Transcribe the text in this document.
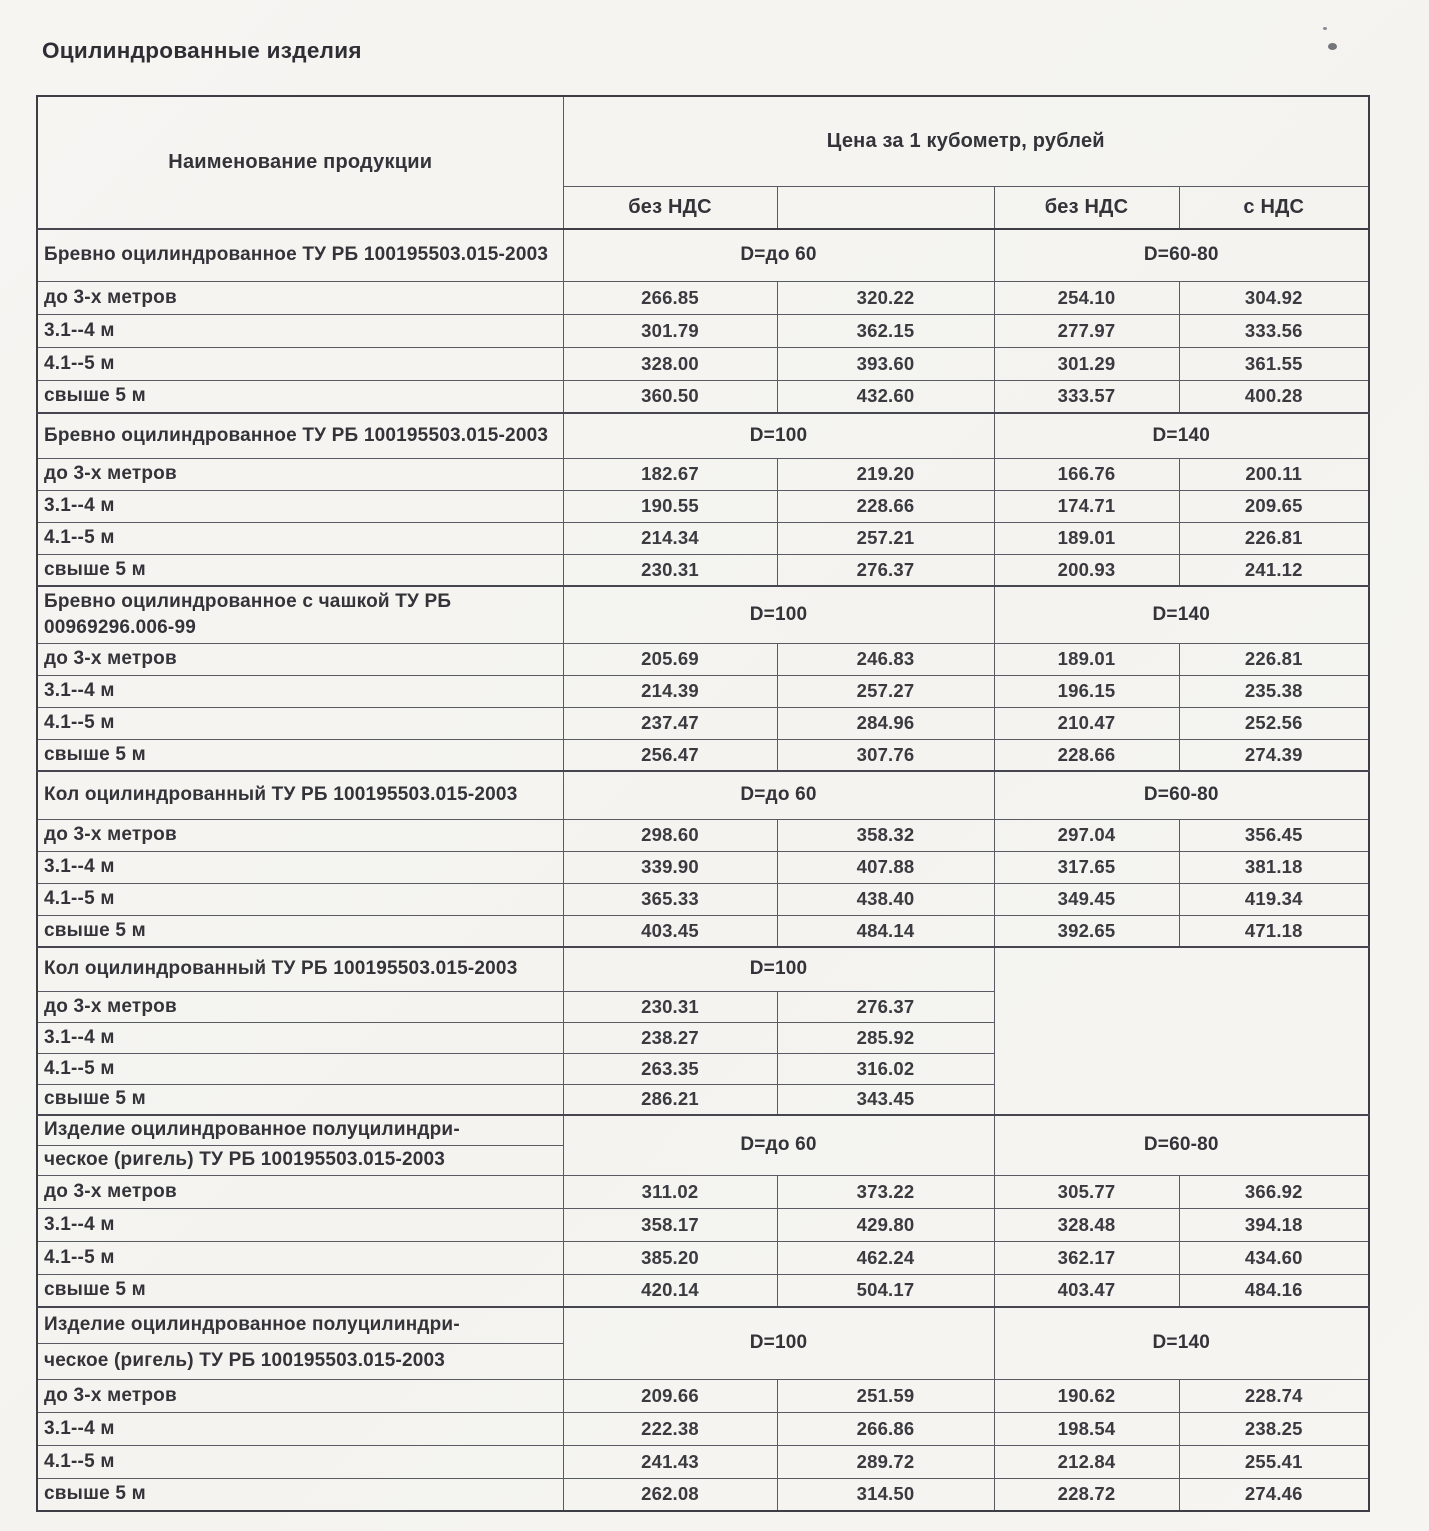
Оцилиндрованные изделия
Наименование продукции	Цена за 1 кубометр, рублей			
	без НДС		без НДС	с НДС
Бревно оцилиндрованное ТУ РБ 100195503.015-2003	D=до 60		D=60-80	
до 3-х метров	266.85	320.22	254.10	304.92
3.1--4 м	301.79	362.15	277.97	333.56
4.1--5 м	328.00	393.60	301.29	361.55
свыше 5 м	360.50	432.60	333.57	400.28
Бревно оцилиндрованное ТУ РБ 100195503.015-2003	D=100		D=140	
до 3-х метров	182.67	219.20	166.76	200.11
3.1--4 м	190.55	228.66	174.71	209.65
4.1--5 м	214.34	257.21	189.01	226.81
свыше 5 м	230.31	276.37	200.93	241.12
Бревно оцилиндрованное с чашкой ТУ РБ
00969296.006-99	D=100		D=140	
до 3-х метров	205.69	246.83	189.01	226.81
3.1--4 м	214.39	257.27	196.15	235.38
4.1--5 м	237.47	284.96	210.47	252.56
свыше 5 м	256.47	307.76	228.66	274.39
Кол оцилиндрованный ТУ РБ 100195503.015-2003	D=до 60		D=60-80	
до 3-х метров	298.60	358.32	297.04	356.45
3.1--4 м	339.90	407.88	317.65	381.18
4.1--5 м	365.33	438.40	349.45	419.34
свыше 5 м	403.45	484.14	392.65	471.18
Кол оцилиндрованный ТУ РБ 100195503.015-2003	D=100			
до 3-х метров	230.31	276.37		
3.1--4 м	238.27	285.92		
4.1--5 м	263.35	316.02		
свыше 5 м	286.21	343.45		
Изделие оцилиндрованное полуцилиндри-	D=до 60		D=60-80	
ческое (ригель) ТУ РБ 100195503.015-2003				
до 3-х метров	311.02	373.22	305.77	366.92
3.1--4 м	358.17	429.80	328.48	394.18
4.1--5 м	385.20	462.24	362.17	434.60
свыше 5 м	420.14	504.17	403.47	484.16
Изделие оцилиндрованное полуцилиндри-	D=100		D=140	
ческое (ригель) ТУ РБ 100195503.015-2003				
до 3-х метров	209.66	251.59	190.62	228.74
3.1--4 м	222.38	266.86	198.54	238.25
4.1--5 м	241.43	289.72	212.84	255.41
свыше 5 м	262.08	314.50	228.72	274.46
